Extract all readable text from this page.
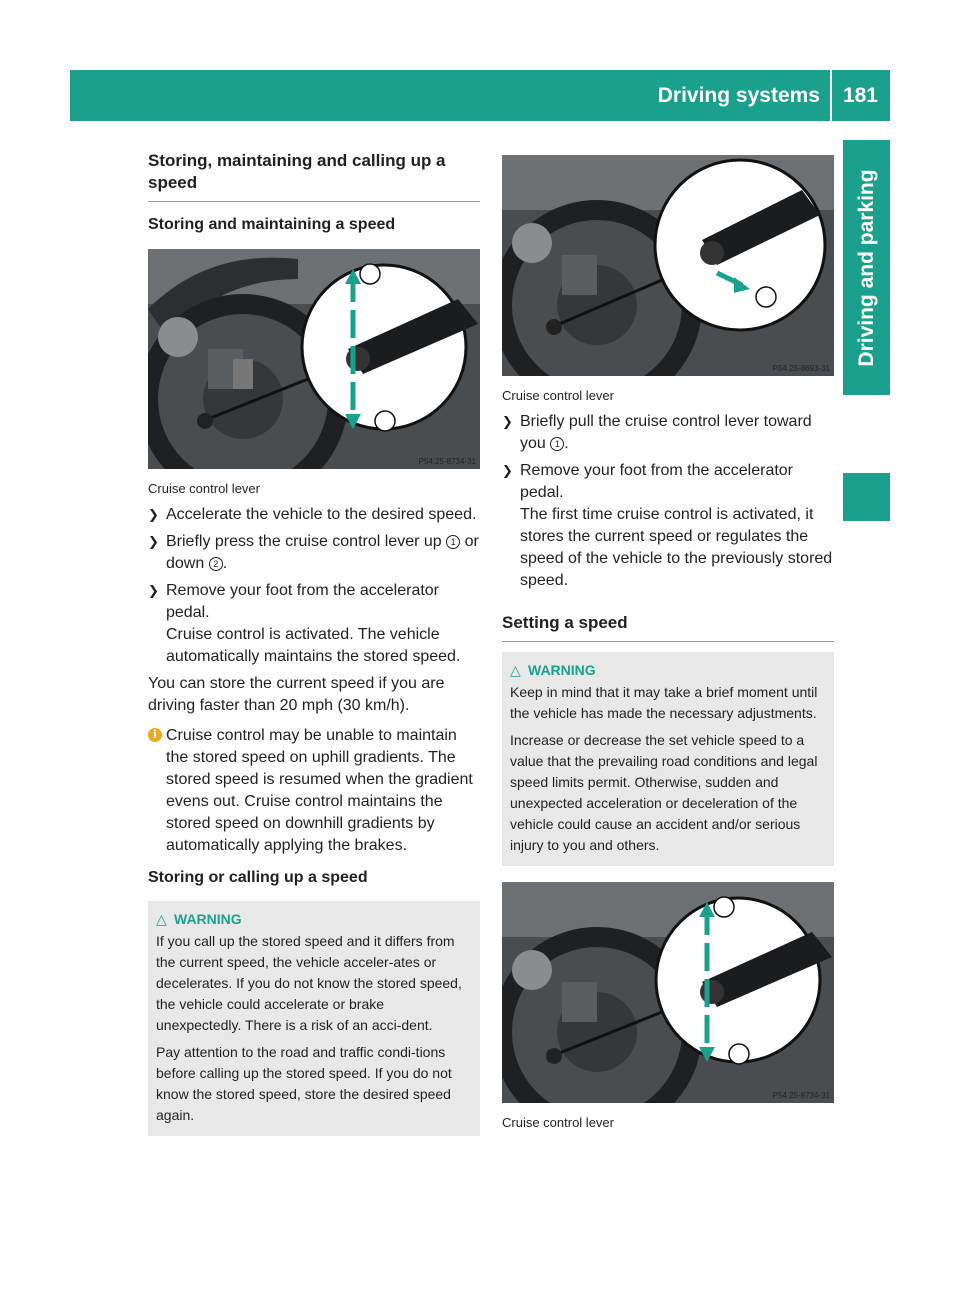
Driving systems 181
Driving and parking
Storing, maintaining and calling up a speed
Storing and maintaining a speed
P54.25-8734-31

Cruise control lever

❯ Accelerate the vehicle to the desired speed.

❯ Briefly press the cruise control lever up 1 or down 2 .

❯ Remove your foot from the accelerator pedal.
Cruise control is activated. The vehicle automatically maintains the stored speed.

You can store the current speed if you are driving faster than 20 mph (30 km/h).

i Cruise control may be unable to maintain the stored speed on uphill gradients. The stored speed is resumed when the gradient evens out. Cruise control maintains the stored speed on downhill gradients by automatically applying the brakes.

Storing or calling up a speed
△ WARNING

If you call up the stored speed and it differs from the current speed, the vehicle acceler-ates or decelerates. If you do not know the stored speed, the vehicle could accelerate or brake unexpectedly. There is a risk of an acci-dent.

Pay attention to the road and traffic condi-tions before calling up the stored speed. If you do not know the stored speed, store the desired speed again.

P54.25-8693-31

Cruise control lever

❯ Briefly pull the cruise control lever toward you 1 .

❯ Remove your foot from the accelerator pedal.
The first time cruise control is activated, it stores the current speed or regulates the speed of the vehicle to the previously stored speed.

Setting a speed
△ WARNING

Keep in mind that it may take a brief moment until the vehicle has made the necessary adjustments.

Increase or decrease the set vehicle speed to a value that the prevailing road conditions and legal speed limits permit. Otherwise, sudden and unexpected acceleration or deceleration of the vehicle could cause an accident and/or serious injury to you and others.

P54.25-8734-31

Cruise control lever
